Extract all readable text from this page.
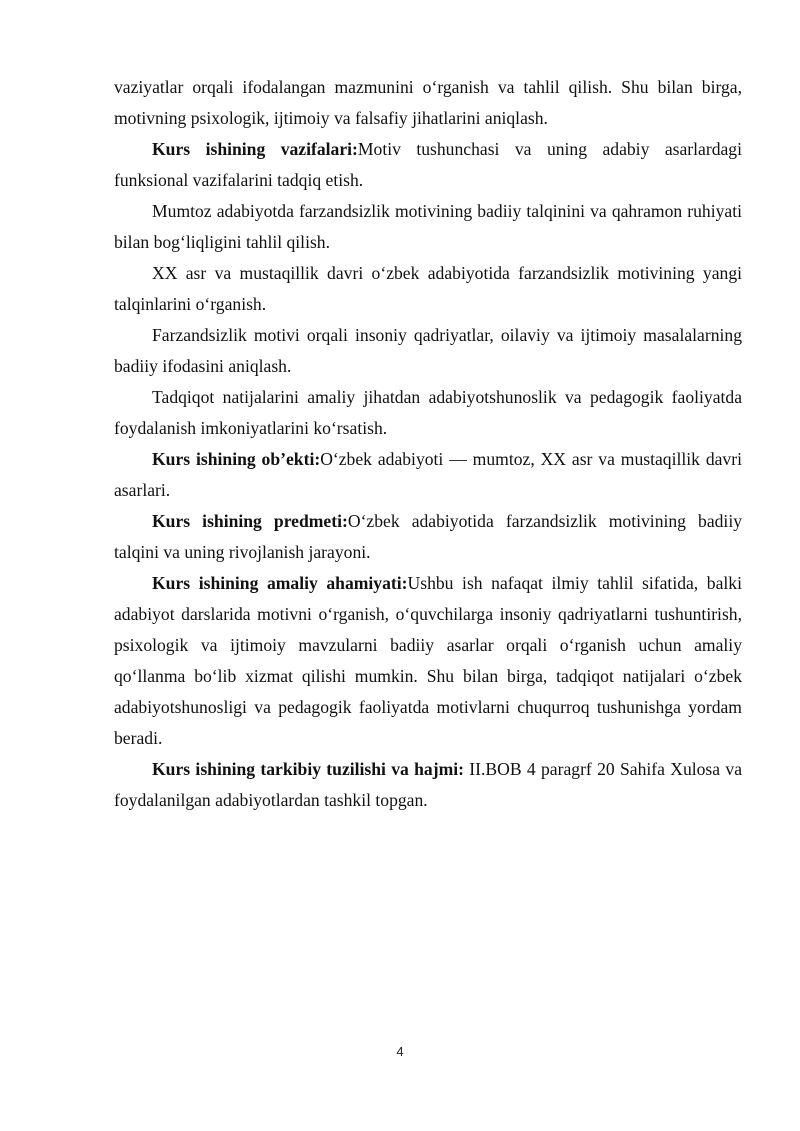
vaziyatlar orqali ifodalangan mazmunini o‘rganish va tahlil qilish. Shu bilan birga, motivning psixologik, ijtimoiy va falsafiy jihatlarini aniqlash.

Kurs ishining vazifalari:Motiv tushunchasi va uning adabiy asarlardagi funksional vazifalarini tadqiq etish.

Mumtoz adabiyotda farzandsizlik motivining badiiy talqinini va qahramon ruhiyati bilan bog‘liqligini tahlil qilish.

XX asr va mustaqillik davri o‘zbek adabiyotida farzandsizlik motivining yangi talqinlarini o‘rganish.

Farzandsizlik motivi orqali insoniy qadriyatlar, oilaviy va ijtimoiy masalalarning badiiy ifodasini aniqlash.

Tadqiqot natijalarini amaliy jihatdan adabiyotshunoslik va pedagogik faoliyatda foydalanish imkoniyatlarini ko‘rsatish.

Kurs ishining ob’ekti:O‘zbek adabiyoti — mumtoz, XX asr va mustaqillik davri asarlari.

Kurs ishining predmeti:O‘zbek adabiyotida farzandsizlik motivining badiiy talqini va uning rivojlanish jarayoni.

Kurs ishining amaliy ahamiyati:Ushbu ish nafaqat ilmiy tahlil sifatida, balki adabiyot darslarida motivni o‘rganish, o‘quvchilarga insoniy qadriyatlarni tushuntirish, psixologik va ijtimoiy mavzularni badiiy asarlar orqali o‘rganish uchun amaliy qo‘llanma bo‘lib xizmat qilishi mumkin. Shu bilan birga, tadqiqot natijalari o‘zbek adabiyotshunosligi va pedagogik faoliyatda motivlarni chuqurroq tushunishga yordam beradi.

Kurs ishining tarkibiy tuzilishi va hajmi: II.BOB 4 paragrf 20 Sahifa Xulosa va foydalanilgan adabiyotlardan tashkil topgan.

4
